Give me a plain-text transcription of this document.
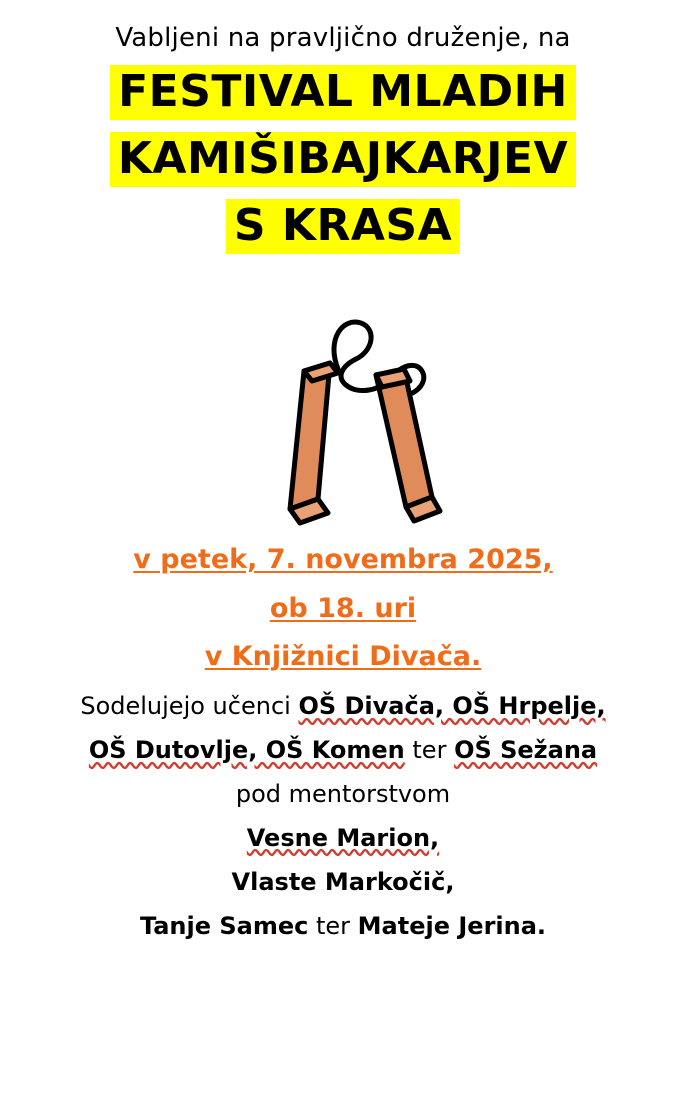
Vabljeni na pravljično druženje, na
FESTIVAL MLADIH
KAMIŠIBAJKARJEV
S KRASA
v petek, 7. novembra 2025,
ob 18. uri
v Knjižnici Divača.
Sodelujejo učenci OŠ Divača, OŠ Hrpelje,
OŠ Dutovlje, OŠ Komen ter OŠ Sežana
pod mentorstvom
Vesne Marion,
Vlaste Markočič,
Tanje Samec ter Mateje Jerina.
